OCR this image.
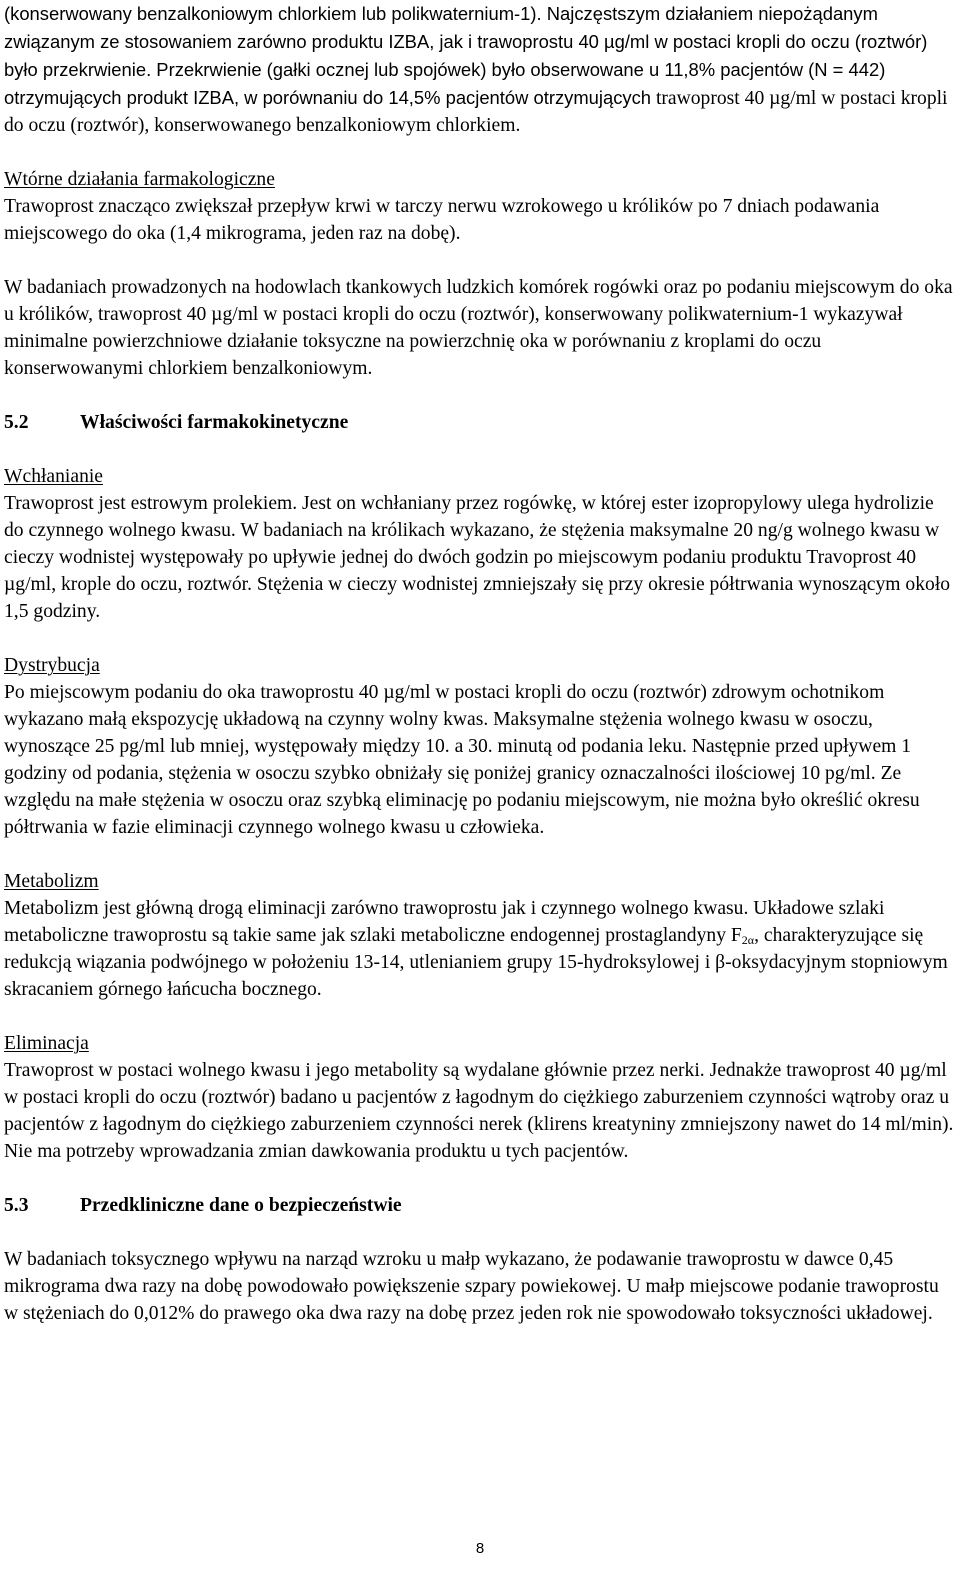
(konserwowany benzalkoniowym chlorkiem lub polikwaternium-1). Najczęstszym działaniem niepożądanym związanym ze stosowaniem zarówno produktu IZBA, jak i trawoprostu 40 µg/ml w postaci kropli do oczu (roztwór) było przekrwienie. Przekrwienie (gałki ocznej lub spojówek) było obserwowane u 11,8% pacjentów (N = 442) otrzymujących produkt IZBA, w porównaniu do 14,5% pacjentów otrzymujących trawoprost 40 µg/ml w postaci kropli do oczu (roztwór), konserwowanego benzalkoniowym chlorkiem.

Wtórne działania farmakologiczne

Trawoprost znacząco zwiększał przepływ krwi w tarczy nerwu wzrokowego u królików po 7 dniach podawania miejscowego do oka (1,4 mikrograma, jeden raz na dobę).

W badaniach prowadzonych na hodowlach tkankowych ludzkich komórek rogówki oraz po podaniu miejscowym do oka u królików, trawoprost 40 µg/ml w postaci kropli do oczu (roztwór), konserwowany polikwaternium-1 wykazywał minimalne powierzchniowe działanie toksyczne na powierzchnię oka w porównaniu z kroplami do oczu konserwowanymi chlorkiem benzalkoniowym.

5.2	Właściwości farmakokinetyczne

Wchłanianie

Trawoprost jest estrowym prolekiem. Jest on wchłaniany przez rogówkę, w której ester izopropylowy ulega hydrolizie do czynnego wolnego kwasu. W badaniach na królikach wykazano, że stężenia maksymalne 20 ng/g wolnego kwasu w cieczy wodnistej występowały po upływie jednej do dwóch godzin po miejscowym podaniu produktu Travoprost 40 µg/ml, krople do oczu, roztwór. Stężenia w cieczy wodnistej zmniejszały się przy okresie półtrwania wynoszącym około 1,5 godziny.

Dystrybucja

Po miejscowym podaniu do oka trawoprostu 40 µg/ml w postaci kropli do oczu (roztwór) zdrowym ochotnikom wykazano małą ekspozycję układową na czynny wolny kwas. Maksymalne stężenia wolnego kwasu w osoczu, wynoszące 25 pg/ml lub mniej, występowały między 10. a 30. minutą od podania leku. Następnie przed upływem 1 godziny od podania, stężenia w osoczu szybko obniżały się poniżej granicy oznaczalności ilościowej 10 pg/ml. Ze względu na małe stężenia w osoczu oraz szybką eliminację po podaniu miejscowym, nie można było określić okresu półtrwania w fazie eliminacji czynnego wolnego kwasu u człowieka.

Metabolizm

Metabolizm jest główną drogą eliminacji zarówno trawoprostu jak i czynnego wolnego kwasu. Układowe szlaki metaboliczne trawoprostu są takie same jak szlaki metaboliczne endogennej prostaglandyny $F_{2\alpha}$, charakteryzujące się redukcją wiązania podwójnego w położeniu 13-14, utlenianiem grupy 15-hydroksylowej i β-oksydacyjnym stopniowym skracaniem górnego łańcucha bocznego.

Eliminacja

Trawoprost w postaci wolnego kwasu i jego metabolity są wydalane głównie przez nerki. Jednakże trawoprost 40 µg/ml w postaci kropli do oczu (roztwór) badano u pacjentów z łagodnym do ciężkiego zaburzeniem czynności wątroby oraz u pacjentów z łagodnym do ciężkiego zaburzeniem czynności nerek (klirens kreatyniny zmniejszony nawet do 14 ml/min). Nie ma potrzeby wprowadzania zmian dawkowania produktu u tych pacjentów.

5.3	Przedkliniczne dane o bezpieczeństwie

W badaniach toksycznego wpływu na narząd wzroku u małp wykazano, że podawanie trawoprostu w dawce 0,45 mikrograma dwa razy na dobę powodowało powiększenie szpary powiekowej. U małp miejscowe podanie trawoprostu w stężeniach do 0,012% do prawego oka dwa razy na dobę przez jeden rok nie spowodowało toksyczności układowej.

8
